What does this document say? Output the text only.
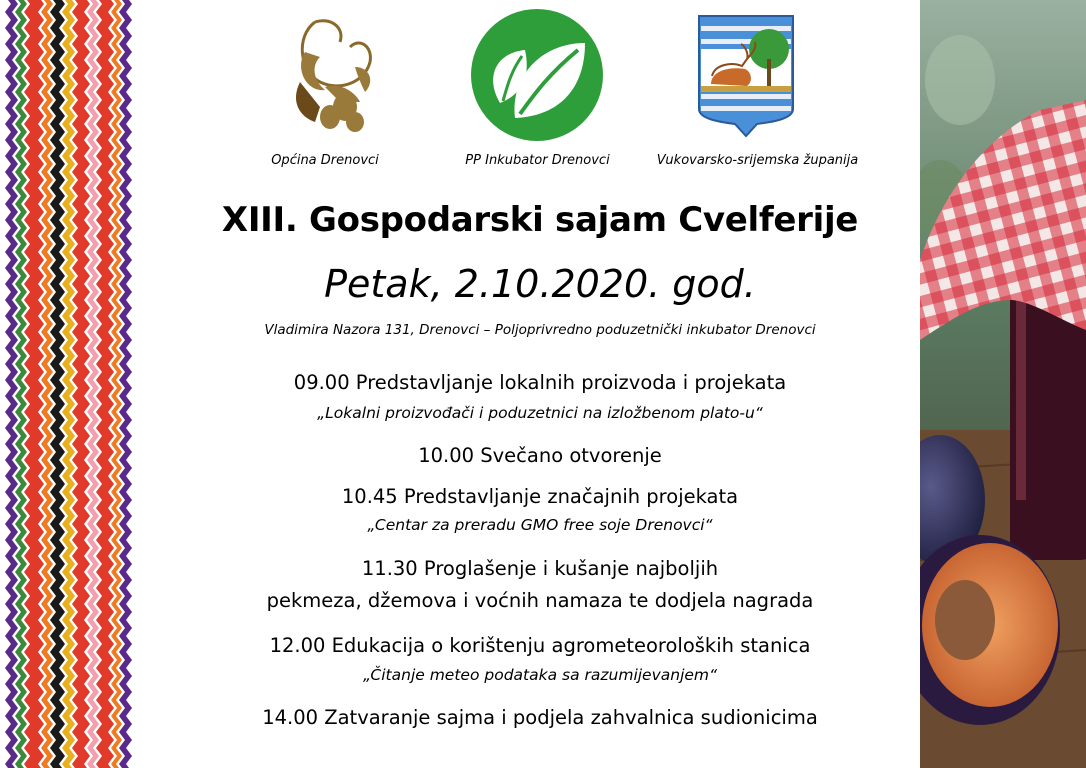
Općina Drenovci	PP Inkubator Drenovci	Vukovarsko-srijemska županija
XIII. Gospodarski sajam Cvelferije
Petak, 2.10.2020. god.
Vladimira Nazora 131, Drenovci – Poljoprivredno poduzetnički inkubator Drenovci
09.00 Predstavljanje lokalnih proizvoda i projekata
„Lokalni proizvođači i poduzetnici na izložbenom plato-u“
10.00 Svečano otvorenje
10.45 Predstavljanje značajnih projekata
„Centar za preradu GMO free soje Drenovci“
11.30 Proglašenje i kušanje najboljih
pekmeza, džemova i voćnih namaza te dodjela nagrada
12.00 Edukacija o korištenju agrometeoroloških stanica
„Čitanje meteo podataka sa razumijevanjem“
14.00 Zatvaranje sajma i podjela zahvalnica sudionicima
